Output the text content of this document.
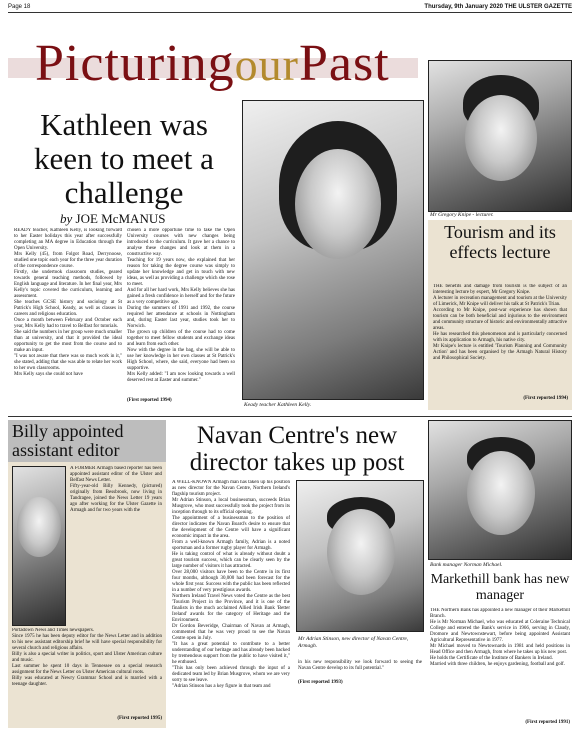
Page 18	Thursday, 9th January 2020 THE ULSTER GAZETTE
PicturingourPast
Kathleen was keen to meet a challenge
by JOE McMANUS
READY teacher, Kathleen Kelly, is looking forward to her Easter holidays this year after successfully completing an MA degree in Education through the Open University.
Mrs Kelly (45), from Folgot Road, Derrynoose, studied one topic each year for the three year duration of the correspondence course.
Firstly, she undertook classroom studies, geared towards general teaching methods, followed by English language and literature. In her final year, Mrs Kelly's topic covered the curriculum, learning and assessment.
She teaches GCSE history and sociology at St Patrick's High School, Keady, as well as classes in careers and religious education.
Once a month between February and October each year, Mrs Kelly had to travel to Belfast for tutorials.
She said the numbers in her group were much smaller than at university, and that it provided the ideal opportunity to get the most from the course and to make an input.
"I was not aware that there was so much work in it," she stated, adding that she was able to relate her work to her own classrooms.
Mrs Kelly says she could not have
chosen a more opportune time to take the Open University courses with new changes being introduced to the curriculum. It gave her a chance to analyse these changes and look at them in a constructive way.
Teaching for 19 years now, she explained that her reason for taking the degree course was simply to update her knowledge and get in touch with new ideas, as well as providing a challenge which she rose to meet.
And for all her hard work, Mrs Kelly believes she has gained a fresh confidence in herself and for the future as a very competitive age.
During the summers of 1991 and 1992, the course required her attendance at schools in Nottingham and, during Easter last year, studies took her to Norwich.
The grown up children of the course had to come together to meet fellow students and exchange ideas and learn from each other.
Now with the degree in the bag, she will be able to use her knowledge in her own classes at St Patrick's High School, where, she said, everyone had been so supportive.
Mrs Kelly added: "I am now looking towards a well deserved rest at Easter and summer."
(First reported 1994)
Keady teacher Kathleen Kelly.
Mr Gregory Knipe - lecturer.
Tourism and its effects lecture
THE benefits and damage from tourism is the subject of an interesting lecture by expert, Mr Gregory Knipe.
A lecturer in recreation management and tourism at the University of Limerick, Mr Knipe will deliver his talk at St Patrick's Trian.
According to Mr Knipe, post-war experience has shown that tourism can be both beneficial and injurious to the environment and community structure of historic and environmentally attractive areas.
He has researched this phenomenon and is particularly concerned with its application to Armagh, his native city.
Mr Knipe's lecture is entitled 'Tourism Planning and Community Action' and has been organised by the Armagh Natural History and Philosophical Society.
(First reported 1994)
Billy appointed assistant editor
A FORMER Armagh based reporter has been appointed assistant editor of the Ulster and Belfast News Letter.
Fifty-year-old Billy Kennedy, (pictured) originally from Bessbrook, now living in Tandragee, joined the News Letter 19 years ago after working for the Ulster Gazette in Armagh and for two years with the
Portadown News and Times newspapers.
Since 1975 he has been deputy editor for the News Letter and in addition to his new assistant editorship brief he will have special responsibility for several church and religious affairs.
Billy is also a special writer in politics, sport and Ulster American culture and music.
Last summer he spent 10 days in Tennessee on a special research assignment for the News Letter on Ulster American cultural roots.
Billy was educated at Newry Grammar School and is married with a teenage daughter.
(First reported 1995)
Navan Centre's new director takes up post
A WELL-KNOWN Armagh man has taken up his position as new director for the Navan Centre, Northern Ireland's flagship tourism project.
Mr Adrian Stinson, a local businessman, succeeds Brian Musgrove, who most successfully took the project from its inception through to its official opening.
The appointment of a businessman to the position of director indicates the Navan Board's desire to ensure that the development of the Centre will have a significant economic impact in the area.
From a well-known Armagh family, Adrian is a noted sportsman and a former rugby player for Armagh.
He is taking control of what is already without doubt a great tourism success, which can be clearly seen by the large number of visitors it has attracted.
Over 28,000 visitors have been to the Centre in its first four months, although 30,000 had been forecast for the whole first year. Success with the public has been reflected in a number of very prestigious awards.
Northern Ireland Travel News voted the Centre as the best 'Tourism Project in the Province, and it is one of the finalists in the much acclaimed Allied Irish Bank 'Better Ireland' awards for the category of Heritage and the Environment.
Dr Gordon Beveridge, Chairman of Navan at Armagh, commented that he was very proud to see the Navan Centre open in July.
"It has a great potential to contribute to a better understanding of our heritage and has already been backed by tremendous support from the public to have visited it," he enthused.
"This has only been achieved through the input of a dedicated team led by Brian Musgrove, whom we are very sorry to see leave.
"Adrian Stinson has a key figure in that team and
Mr Adrian Stinson, new director of Navan Centre, Armagh.
in his new responsibility we look forward to seeing the Navan Centre develop to its full potential."
(First reported 1993)
Bank manager Norman Michael.
Markethill bank has new manager
THE Northern Bank has appointed a new manager of their Markethill Branch.
He is Mr Norman Michael, who was educated at Coleraine Technical College and entered the Bank's service in 1966, serving in Claudy, Dromore and Newtownstewart, before being appointed Assistant Agricultural Representative in 1977.
Mr Michael moved to Newtownards in 1981 and held positions in Head Office and then Armagh, from where he takes up his new post.
He holds the Certificate of the Institute of Bankers in Ireland.
Married with three children, he enjoys gardening, football and golf.
(First reported 1991)
